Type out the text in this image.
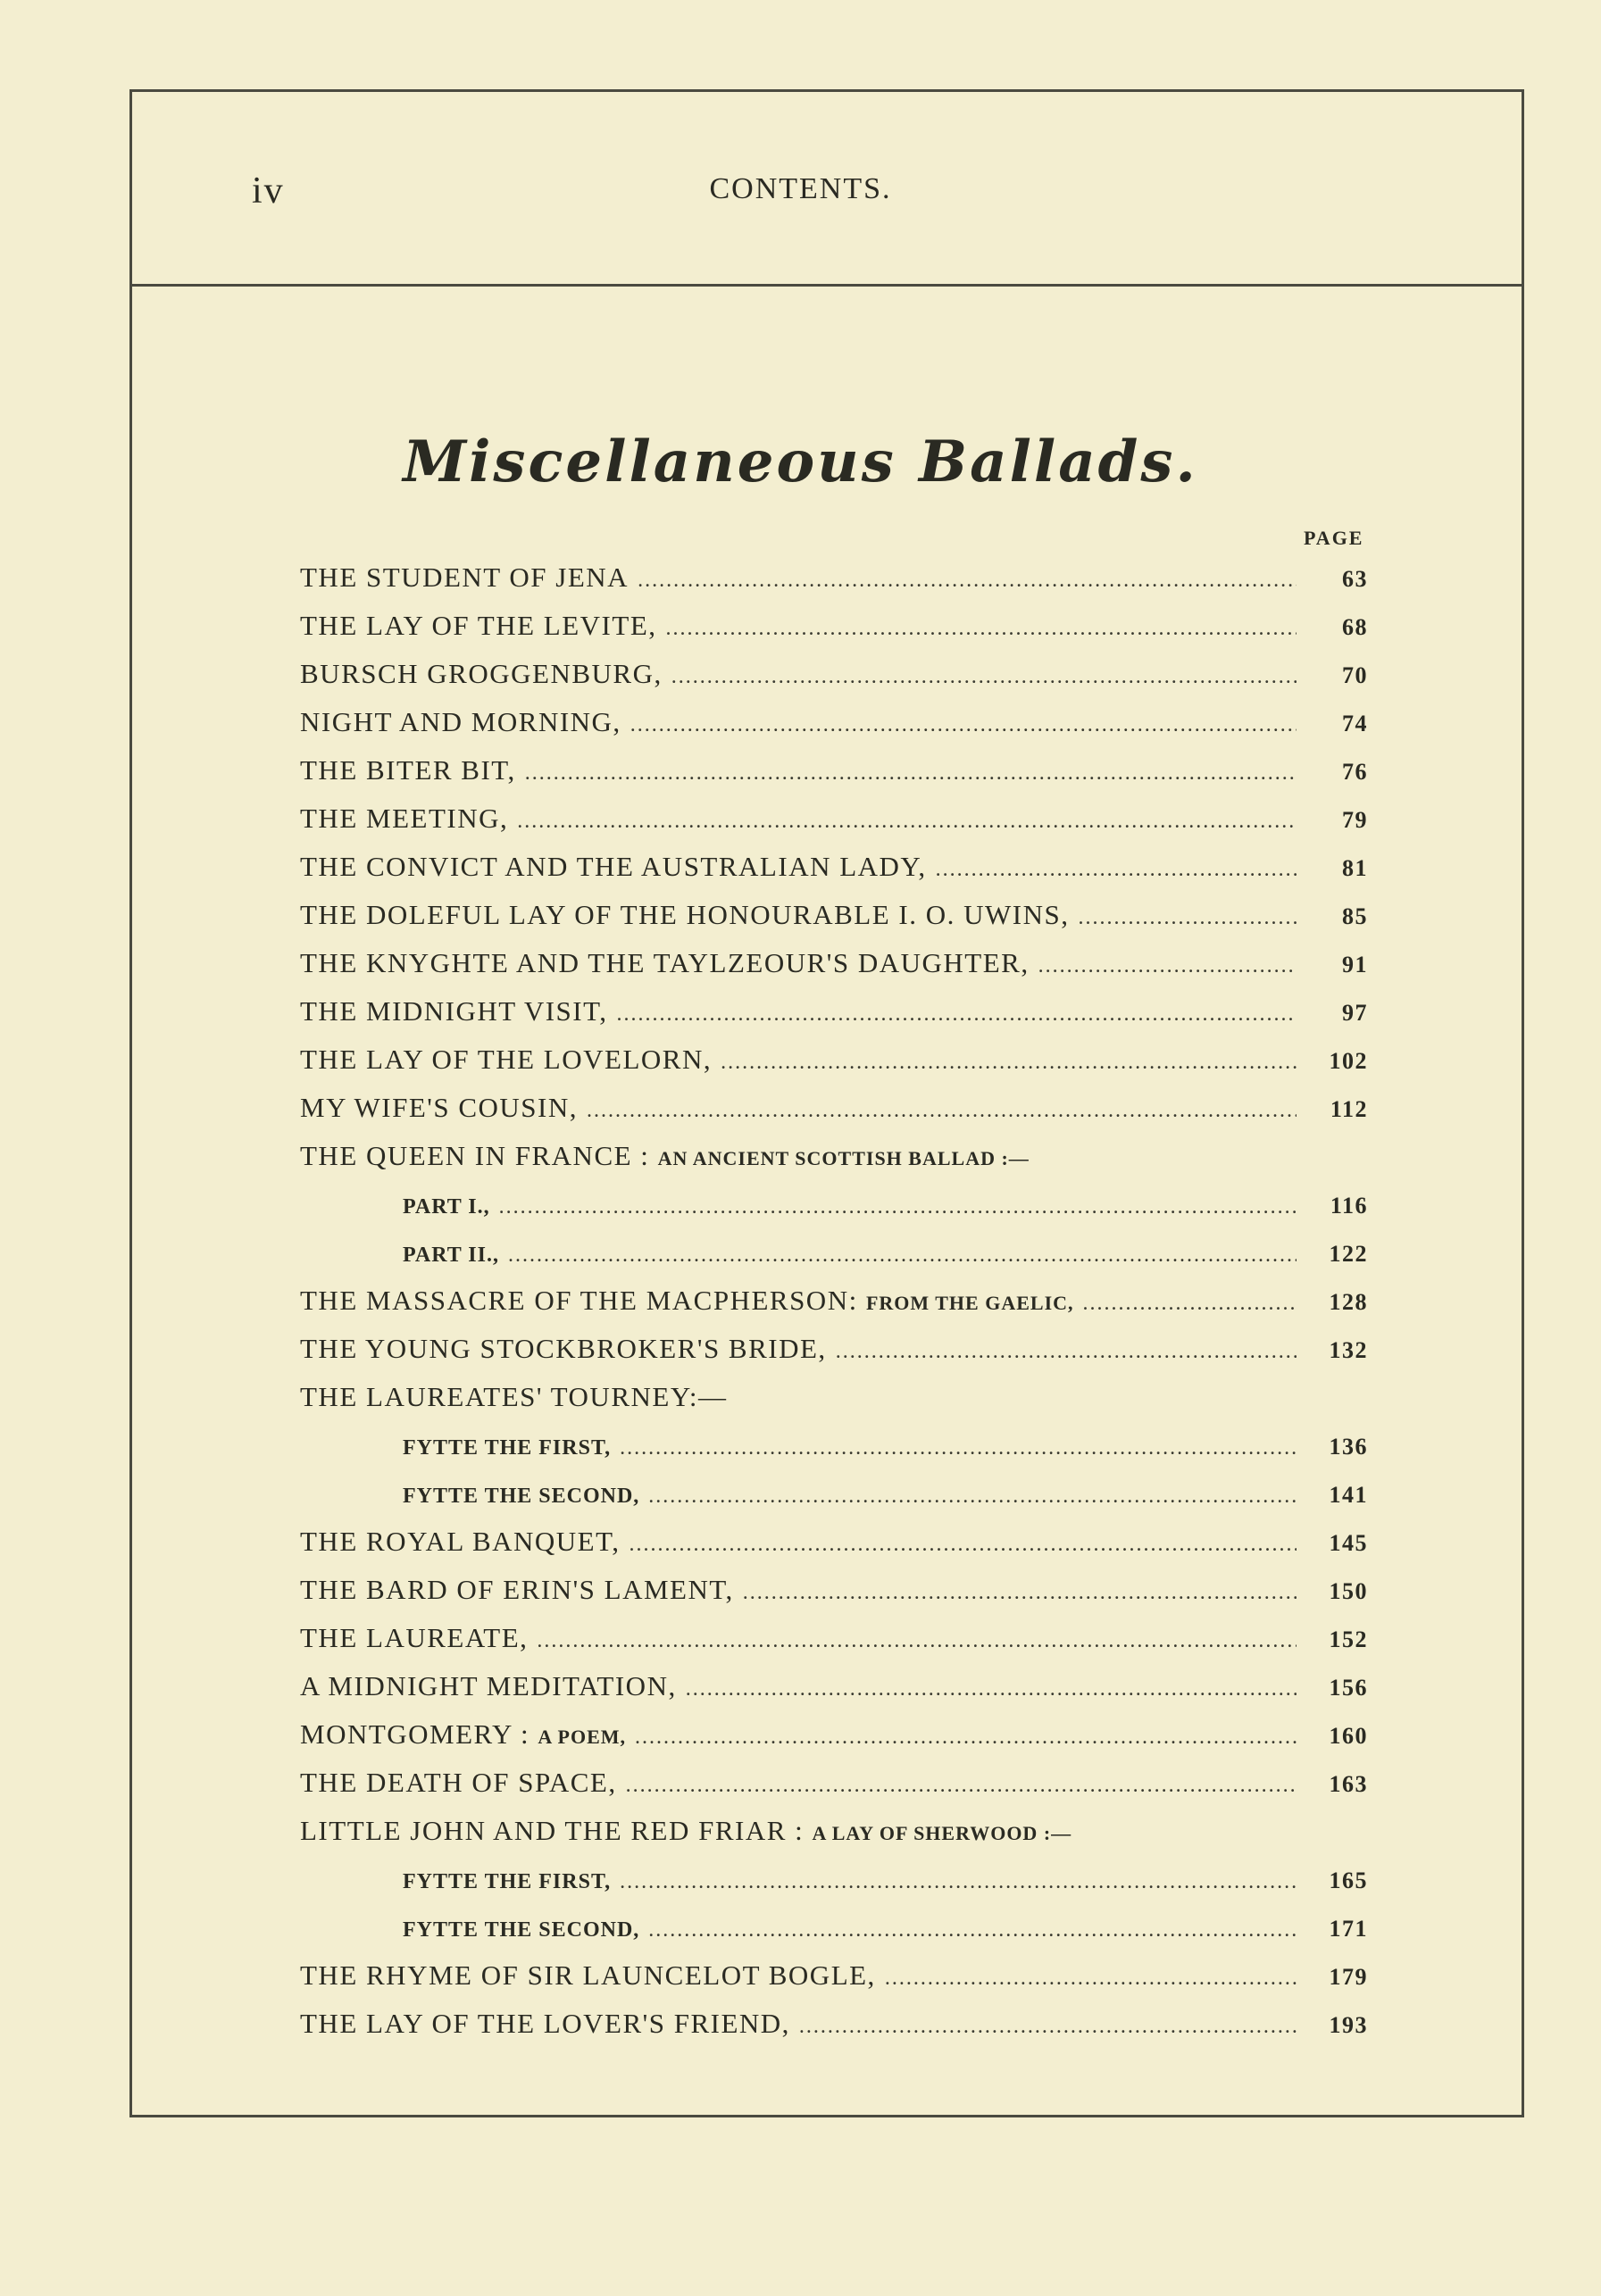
iv	CONTENTS.
Miscellaneous Ballads.
PAGE
THE STUDENT OF JENA .....	63
THE LAY OF THE LEVITE, .....	68
BURSCH GROGGENBURG, .....	70
NIGHT AND MORNING, .....	74
THE BITER BIT, .....	76
THE MEETING, .....	79
THE CONVICT AND THE AUSTRALIAN LADY, .....	81
THE DOLEFUL LAY OF THE HONOURABLE I. O. UWINS, .....	85
THE KNYGHTE AND THE TAYLZEOUR'S DAUGHTER, .....	91
THE MIDNIGHT VISIT, .....	97
THE LAY OF THE LOVELORN, .....	102
MY WIFE'S COUSIN, .....	112
THE QUEEN IN FRANCE : AN ANCIENT SCOTTISH BALLAD :—
PART I., .....	116
PART II., .....	122
THE MASSACRE OF THE MACPHERSON: FROM THE GAELIC, .....	128
THE YOUNG STOCKBROKER'S BRIDE, .....	132
THE LAUREATES' TOURNEY:—
FYTTE THE FIRST, .....	136
FYTTE THE SECOND, .....	141
THE ROYAL BANQUET, .....	145
THE BARD OF ERIN'S LAMENT, .....	150
THE LAUREATE, .....	152
A MIDNIGHT MEDITATION, .....	156
MONTGOMERY : A POEM, .....	160
THE DEATH OF SPACE, .....	163
LITTLE JOHN AND THE RED FRIAR : A LAY OF SHERWOOD :—
FYTTE THE FIRST, .....	165
FYTTE THE SECOND, .....	171
THE RHYME OF SIR LAUNCELOT BOGLE, .....	179
THE LAY OF THE LOVER'S FRIEND, .....	193
